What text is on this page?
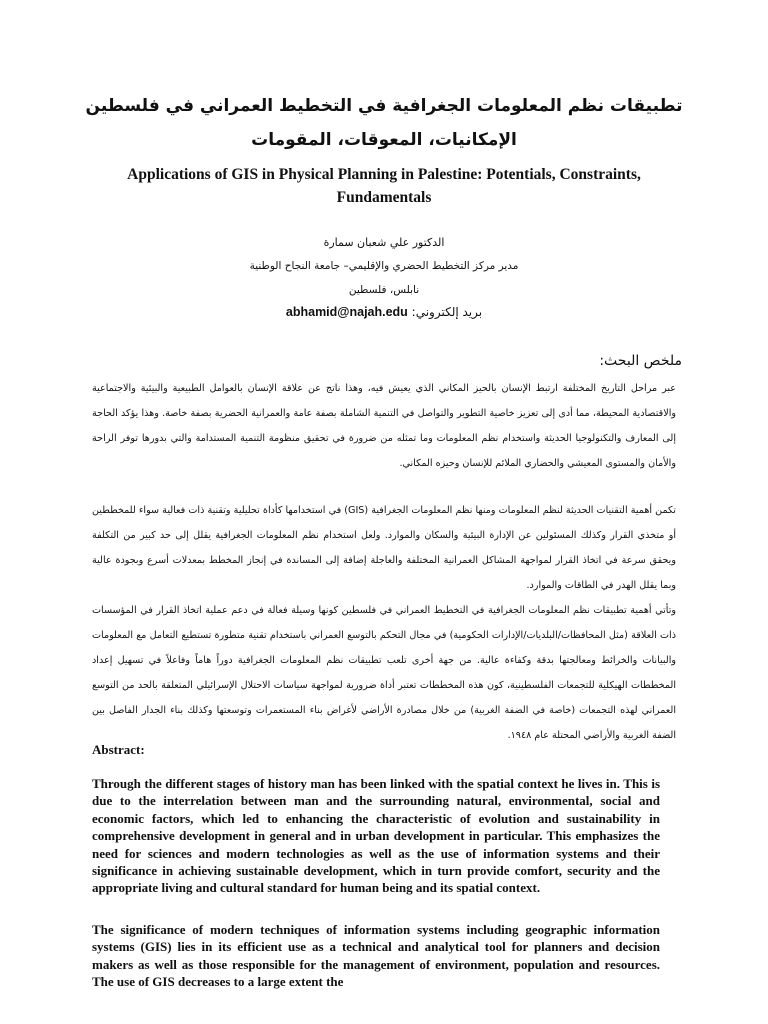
تطبيقات نظم المعلومات الجغرافية في التخطيط العمراني في فلسطين
الإمكانيات، المعوقات، المقومات
Applications of GIS in Physical Planning in Palestine: Potentials, Constraints, Fundamentals
الدكتور علي شعبان سمارة
مدير مركز التخطيط الحضري والإقليمي– جامعة النجاح الوطنية
نابلس، فلسطين
بريد إلكتروني: abhamid@najah.edu
ملخص البحث:

عبر مراحل التاريخ المختلفة ارتبط الإنسان بالحيز المكاني الذي يعيش فيه، وهذا ناتج عن علاقة الإنسان بالعوامل الطبيعية والبيئية والاجتماعية والاقتصادية المحيطة، مما أدى إلى تعزيز خاصية التطوير والتواصل في التنمية الشاملة بصفة عامة والعمرانية الحضرية بصفة خاصة. وهذا يؤكد الحاجة إلى المعارف والتكنولوجيا الحديثة واستخدام نظم المعلومات وما تمثله من ضرورة في تحقيق منظومة التنمية المستدامة والتي بدورها توفر الراحة والأمان والمستوى المعيشي والحضاري الملائم للإنسان وحيزه المكاني.

تكمن أهمية التقنيات الحديثة لنظم المعلومات ومنها نظم المعلومات الجغرافية (GIS) في استخدامها كأداة تحليلية وتقنية ذات فعالية سواء للمخططين أو متخذي القرار وكذلك المسئولين عن الإدارة البيئية والسكان والموارد. ولعل استخدام نظم المعلومات الجغرافية يقلل إلى حد كبير من التكلفة ويحقق سرعة في اتخاذ القرار لمواجهة المشاكل العمرانية المختلفة والعاجلة إضافة إلى المساندة في إنجاز المخطط بمعدلات أسرع وبجودة عالية وبما يقلل الهدر في الطاقات والموارد.

وتأتي أهمية تطبيقات نظم المعلومات الجغرافية في التخطيط العمراني في فلسطين كونها وسيلة فعالة في دعم عملية اتخاذ القرار في المؤسسات ذات العلاقة (مثل المحافظات/البلديات/الإدارات الحكومية) في مجال التحكم بالتوسع العمراني باستخدام تقنية متطورة تستطيع التعامل مع المعلومات والبيانات والخرائط ومعالجتها بدقة وكفاءة عالية. من جهة أخرى تلعب تطبيقات نظم المعلومات الجغرافية دوراً هاماً وفاعلاً في تسهيل إعداد المخططات الهيكلية للتجمعات الفلسطينية، كون هذه المخططات تعتبر أداة ضرورية لمواجهة سياسات الاحتلال الإسرائيلي المتعلقة بالحد من التوسع العمراني لهذه التجمعات (خاصة في الضفة الغربية) من خلال مصادرة الأراضي لأغراض بناء المستعمرات وتوسعتها وكذلك بناء الجدار الفاصل بين الضفة الغربية والأراضي المحتلة عام ١٩٤٨.

Abstract:

Through the different stages of history man has been linked with the spatial context he lives in. This is due to the interrelation between man and the surrounding natural, environmental, social and economic factors, which led to enhancing the characteristic of evolution and sustainability in comprehensive development in general and in urban development in particular. This emphasizes the need for sciences and modern technologies as well as the use of information systems and their significance in achieving sustainable development, which in turn provide comfort, security and the appropriate living and cultural standard for human being and its spatial context.

The significance of modern techniques of information systems including geographic information systems (GIS) lies in its efficient use as a technical and analytical tool for planners and decision makers as well as those responsible for the management of environment, population and resources. The use of GIS decreases to a large extent the
